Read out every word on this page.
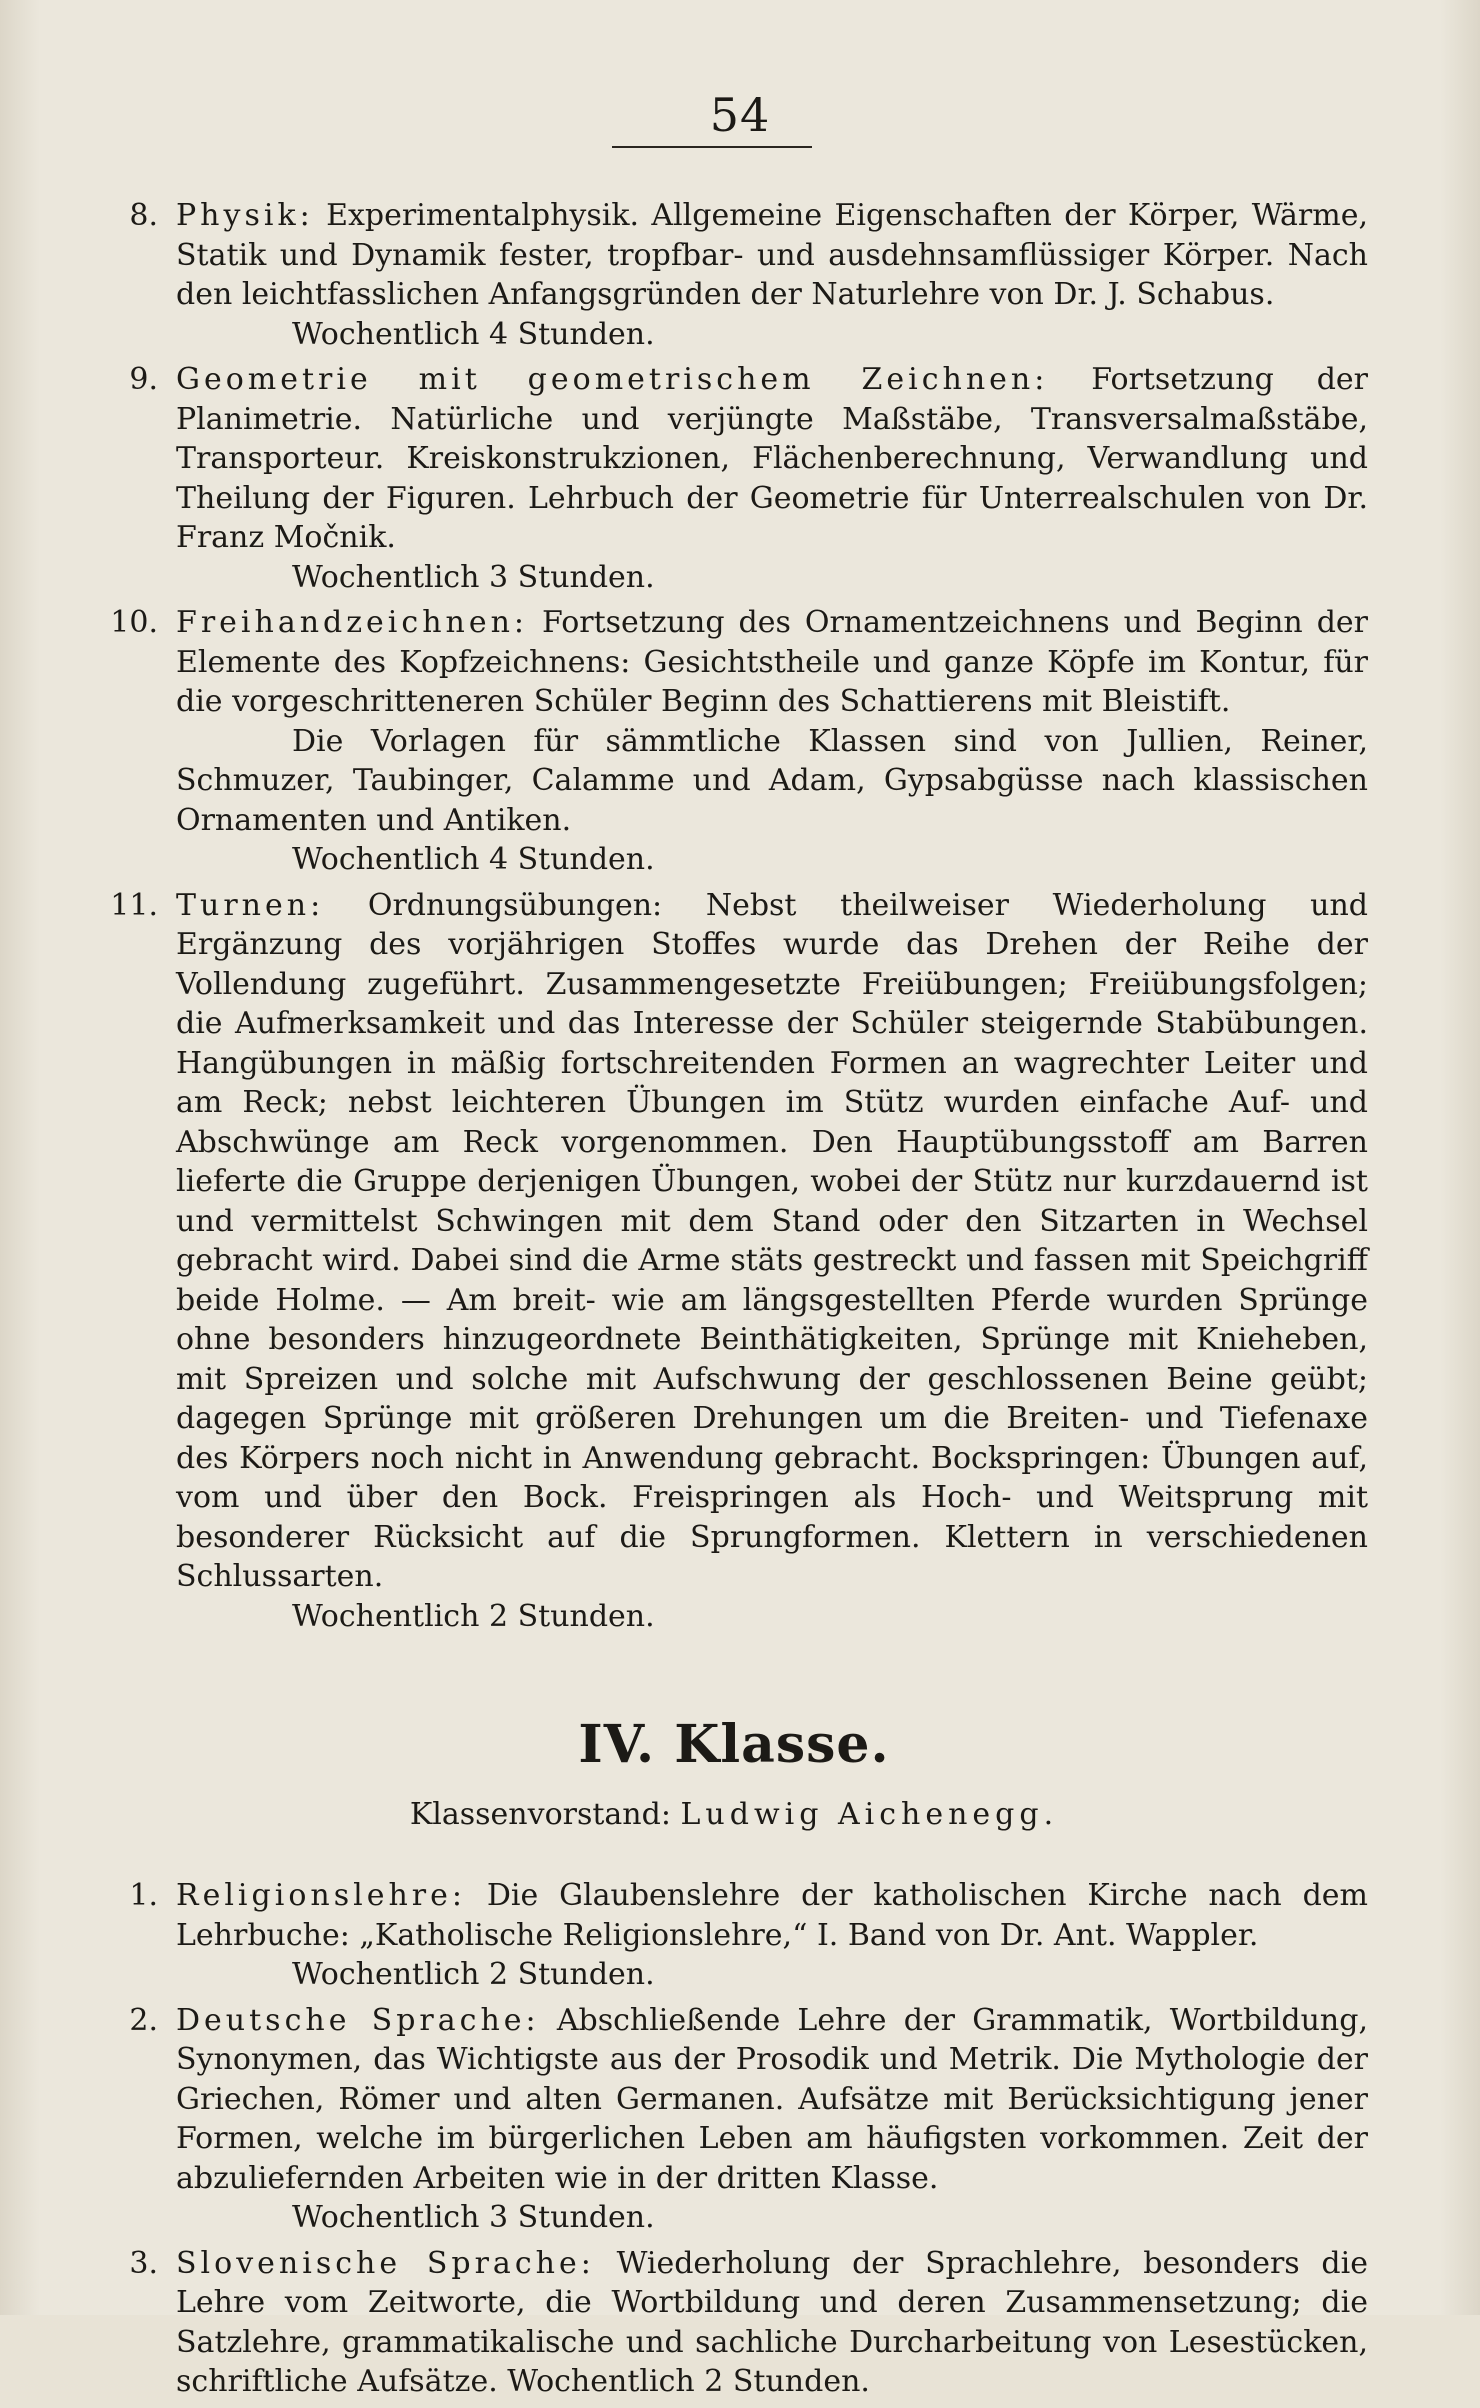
54
8. Physik: Experimentalphysik. Allgemeine Eigenschaften der Körper, Wärme, Statik und Dynamik fester, tropfbar- und ausdehnsamflüssiger Körper. Nach den leichtfasslichen Anfangsgründen der Naturlehre von Dr. J. Schabus.
Wochentlich 4 Stunden.
9. Geometrie mit geometrischem Zeichnen: Fortsetzung der Planimetrie. Natürliche und verjüngte Maßstäbe, Transversalmaßstäbe, Transporteur. Kreiskonstrukzionen, Flächenberechnung, Verwandlung und Theilung der Figuren. Lehrbuch der Geometrie für Unterrealschulen von Dr. Franz Močnik.
Wochentlich 3 Stunden.
10. Freihandzeichnen: Fortsetzung des Ornamentzeichnens und Beginn der Elemente des Kopfzeichnens: Gesichtstheile und ganze Köpfe im Kontur, für die vorgeschritteneren Schüler Beginn des Schattierens mit Bleistift.
Die Vorlagen für sämmtliche Klassen sind von Jullien, Reiner, Schmuzer, Taubinger, Calamme und Adam, Gypsabgüsse nach klassischen Ornamenten und Antiken.
Wochentlich 4 Stunden.
11. Turnen: Ordnungsübungen: Nebst theilweiser Wiederholung und Ergänzung des vorjährigen Stoffes wurde das Drehen der Reihe der Vollendung zugeführt. Zusammengesetzte Freiübungen; Freiübungsfolgen; die Aufmerksamkeit und das Interesse der Schüler steigernde Stabübungen. Hangübungen in mäßig fortschreitenden Formen an wagrechter Leiter und am Reck; nebst leichteren Übungen im Stütz wurden einfache Auf- und Abschwünge am Reck vorgenommen. Den Hauptübungsstoff am Barren lieferte die Gruppe derjenigen Übungen, wobei der Stütz nur kurzdauernd ist und vermittelst Schwingen mit dem Stand oder den Sitzarten in Wechsel gebracht wird. Dabei sind die Arme stäts gestreckt und fassen mit Speichgriff beide Holme. — Am breit- wie am längsgestellten Pferde wurden Sprünge ohne besonders hinzugeordnete Beinthätigkeiten, Sprünge mit Knieheben, mit Spreizen und solche mit Aufschwung der geschlossenen Beine geübt; dagegen Sprünge mit größeren Drehungen um die Breiten- und Tiefenaxe des Körpers noch nicht in Anwendung gebracht. Bockspringen: Übungen auf, vom und über den Bock. Freispringen als Hoch- und Weitsprung mit besonderer Rücksicht auf die Sprungformen. Klettern in verschiedenen Schlussarten.
Wochentlich 2 Stunden.
IV. Klasse.
Klassenvorstand: Ludwig Aichenegg.
1. Religionslehre: Die Glaubenslehre der katholischen Kirche nach dem Lehrbuche: „Katholische Religionslehre,“ I. Band von Dr. Ant. Wappler.
Wochentlich 2 Stunden.
2. Deutsche Sprache: Abschließende Lehre der Grammatik, Wortbildung, Synonymen, das Wichtigste aus der Prosodik und Metrik. Die Mythologie der Griechen, Römer und alten Germanen. Aufsätze mit Berücksichtigung jener Formen, welche im bürgerlichen Leben am häufigsten vorkommen. Zeit der abzuliefernden Arbeiten wie in der dritten Klasse.
Wochentlich 3 Stunden.
3. Slovenische Sprache: Wiederholung der Sprachlehre, besonders die Lehre vom Zeitworte, die Wortbildung und deren Zusammensetzung; die Satzlehre, grammatikalische und sachliche Durcharbeitung von Lesestücken, schriftliche Aufsätze. Wochentlich 2 Stunden.
